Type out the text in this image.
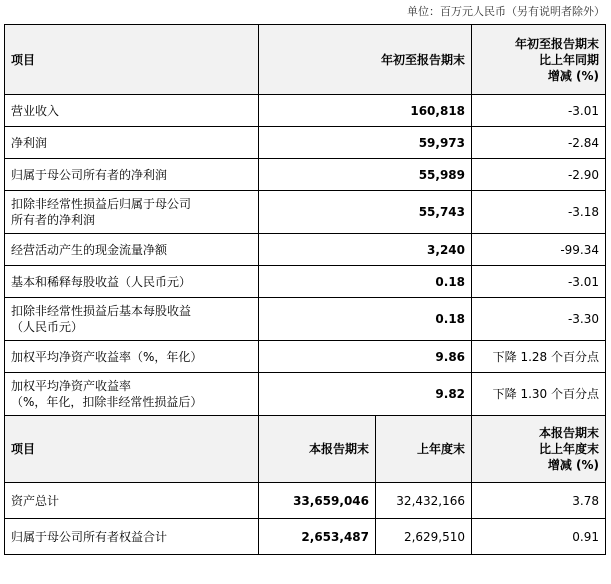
单位：百万元人民币（另有说明者除外）
项目	年初至报告期末		年初至报告期末
比上年同期
增减 (%)

营业收入	160,818		-3.01

净利润	59,973		-2.84

归属于母公司所有者的净利润	55,989		-2.90

扣除非经常性损益后归属于母公司
所有者的净利润	55,743		-3.18

经营活动产生的现金流量净额	3,240		-99.34

基本和稀释每股收益（人民币元）	0.18		-3.01

扣除非经常性损益后基本每股收益
（人民币元）	0.18		-3.30

加权平均净资产收益率（%，年化）	9.86		下降 1.28 个百分点

加权平均净资产收益率
（%，年化，扣除非经常性损益后）	9.82		下降 1.30 个百分点
项目	本报告期末	上年度末	本报告期末
比上年度末
增减 (%)

资产总计	33,659,046	32,432,166	3.78
归属于母公司所有者权益合计	2,653,487	2,629,510	0.91
